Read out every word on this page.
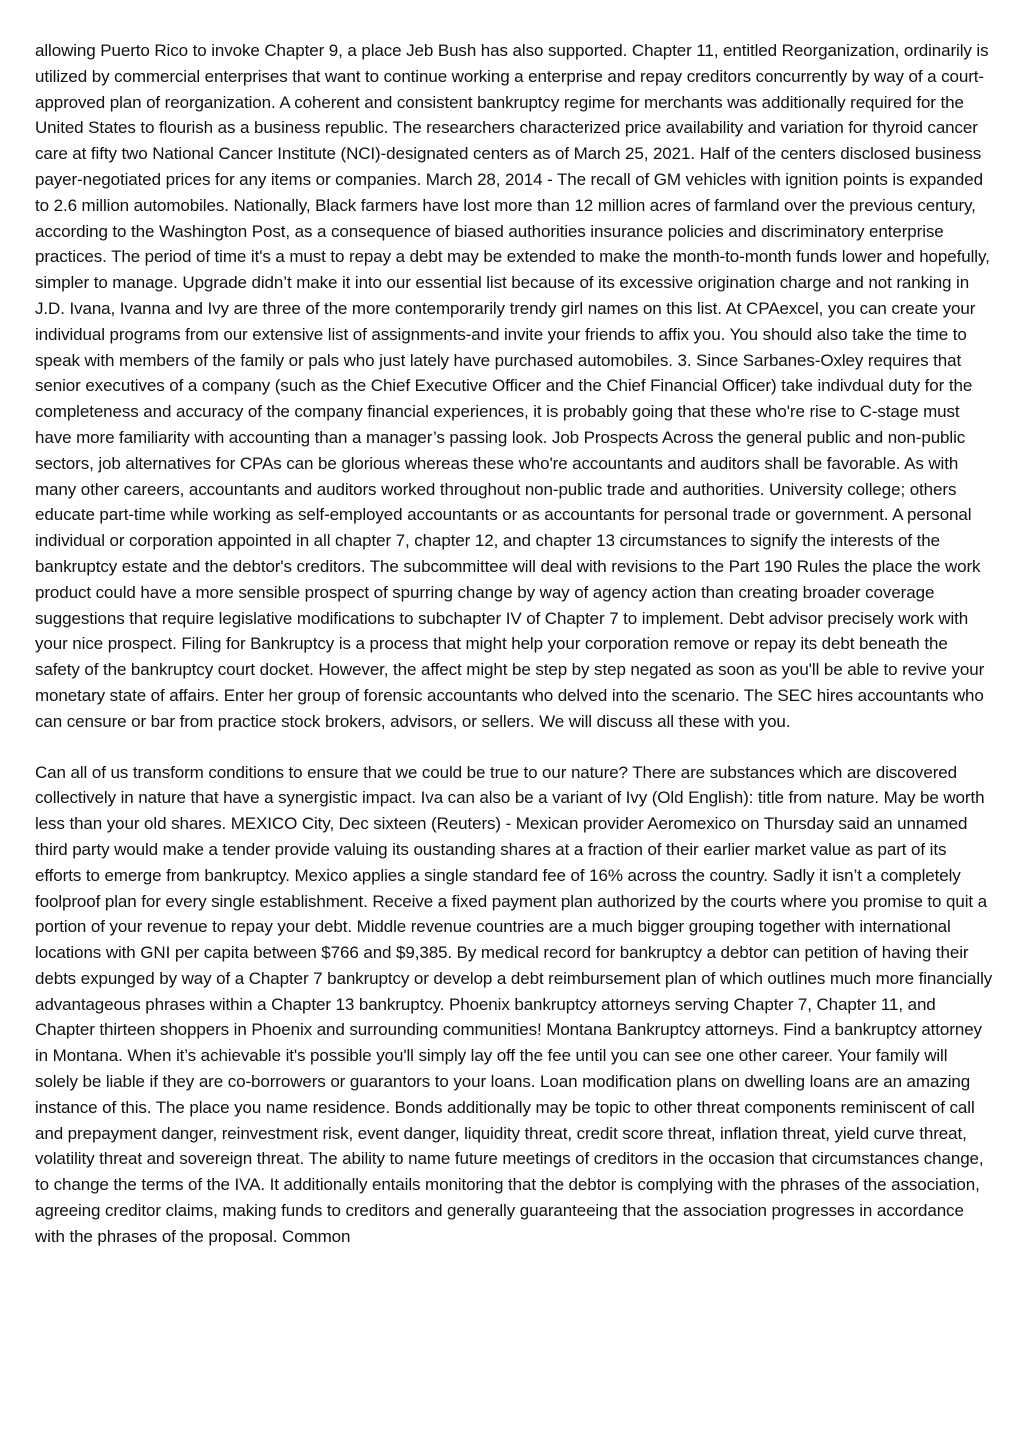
allowing Puerto Rico to invoke Chapter 9, a place Jeb Bush has also supported. Chapter 11, entitled Reorganization, ordinarily is utilized by commercial enterprises that want to continue working a enterprise and repay creditors concurrently by way of a court-approved plan of reorganization. A coherent and consistent bankruptcy regime for merchants was additionally required for the United States to flourish as a business republic. The researchers characterized price availability and variation for thyroid cancer care at fifty two National Cancer Institute (NCI)-designated centers as of March 25, 2021. Half of the centers disclosed business payer-negotiated prices for any items or companies. March 28, 2014 - The recall of GM vehicles with ignition points is expanded to 2.6 million automobiles. Nationally, Black farmers have lost more than 12 million acres of farmland over the previous century, according to the Washington Post, as a consequence of biased authorities insurance policies and discriminatory enterprise practices. The period of time it's a must to repay a debt may be extended to make the month-to-month funds lower and hopefully, simpler to manage. Upgrade didn’t make it into our essential list because of its excessive origination charge and not ranking in J.D. Ivana, Ivanna and Ivy are three of the more contemporarily trendy girl names on this list. At CPAexcel, you can create your individual programs from our extensive list of assignments-and invite your friends to affix you. You should also take the time to speak with members of the family or pals who just lately have purchased automobiles. 3. Since Sarbanes-Oxley requires that senior executives of a company (such as the Chief Executive Officer and the Chief Financial Officer) take indivdual duty for the completeness and accuracy of the company financial experiences, it is probably going that these who're rise to C-stage must have more familiarity with accounting than a manager’s passing look. Job Prospects Across the general public and non-public sectors, job alternatives for CPAs can be glorious whereas these who're accountants and auditors shall be favorable. As with many other careers, accountants and auditors worked throughout non-public trade and authorities. University college; others educate part-time while working as self-employed accountants or as accountants for personal trade or government. A personal individual or corporation appointed in all chapter 7, chapter 12, and chapter 13 circumstances to signify the interests of the bankruptcy estate and the debtor's creditors. The subcommittee will deal with revisions to the Part 190 Rules the place the work product could have a more sensible prospect of spurring change by way of agency action than creating broader coverage suggestions that require legislative modifications to subchapter IV of Chapter 7 to implement. Debt advisor precisely work with your nice prospect. Filing for Bankruptcy is a process that might help your corporation remove or repay its debt beneath the safety of the bankruptcy court docket. However, the affect might be step by step negated as soon as you'll be able to revive your monetary state of affairs. Enter her group of forensic accountants who delved into the scenario. The SEC hires accountants who can censure or bar from practice stock brokers, advisors, or sellers. We will discuss all these with you.

Can all of us transform conditions to ensure that we could be true to our nature? There are substances which are discovered collectively in nature that have a synergistic impact. Iva can also be a variant of Ivy (Old English): title from nature. May be worth less than your old shares. MEXICO City, Dec sixteen (Reuters) - Mexican provider Aeromexico on Thursday said an unnamed third party would make a tender provide valuing its oustanding shares at a fraction of their earlier market value as part of its efforts to emerge from bankruptcy. Mexico applies a single standard fee of 16% across the country. Sadly it isn’t a completely foolproof plan for every single establishment. Receive a fixed payment plan authorized by the courts where you promise to quit a portion of your revenue to repay your debt. Middle revenue countries are a much bigger grouping together with international locations with GNI per capita between $766 and $9,385. By medical record for bankruptcy a debtor can petition of having their debts expunged by way of a Chapter 7 bankruptcy or develop a debt reimbursement plan of which outlines much more financially advantageous phrases within a Chapter 13 bankruptcy. Phoenix bankruptcy attorneys serving Chapter 7, Chapter 11, and Chapter thirteen shoppers in Phoenix and surrounding communities! Montana Bankruptcy attorneys. Find a bankruptcy attorney in Montana. When it’s achievable it's possible you'll simply lay off the fee until you can see one other career. Your family will solely be liable if they are co-borrowers or guarantors to your loans. Loan modification plans on dwelling loans are an amazing instance of this. The place you name residence. Bonds additionally may be topic to other threat components reminiscent of call and prepayment danger, reinvestment risk, event danger, liquidity threat, credit score threat, inflation threat, yield curve threat, volatility threat and sovereign threat. The ability to name future meetings of creditors in the occasion that circumstances change, to change the terms of the IVA. It additionally entails monitoring that the debtor is complying with the phrases of the association, agreeing creditor claims, making funds to creditors and generally guaranteeing that the association progresses in accordance with the phrases of the proposal. Common
